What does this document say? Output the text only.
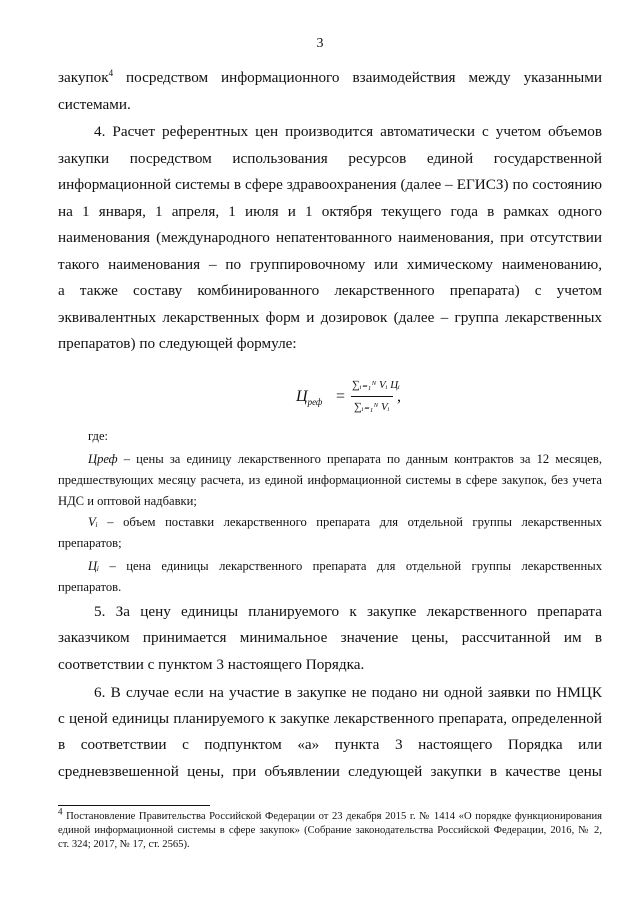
3
закупок$^4$ посредством информационного взаимодействия между указанными
системами.
4. Расчет референтных цен производится автоматически с учетом объемов
закупки посредством использования ресурсов единой государственной
информационной системы в сфере здравоохранения (далее – ЕГИСЗ) по состоянию
на 1 января, 1 апреля, 1 июля и 1 октября текущего года в рамках одного
наименования (международного непатентованного наименования, при отсутствии
такого наименования – по группировочному или химическому наименованию,
а также составу комбинированного лекарственного препарата) с учетом
эквивалентных лекарственных форм и дозировок (далее – группа лекарственных
препаратов) по следующей формуле:
$Ц_{реф}$ =
∑ᵢ₌₁ᴺ Vᵢ Цᵢ
∑ᵢ₌₁ᴺ Vᵢ
,
где:
Цреф – цены за единицу лекарственного препарата по данным контрактов за 12 месяцев,
предшествующих месяцу расчета, из единой информационной системы в сфере закупок, без учета
НДС и оптовой надбавки;
Vᵢ – объем поставки лекарственного препарата для отдельной группы лекарственных
препаратов;
Цᵢ – цена единицы лекарственного препарата для отдельной группы лекарственных
препаратов.
5. За цену единицы планируемого к закупке лекарственного препарата
заказчиком принимается минимальное значение цены, рассчитанной им в
соответствии с пунктом 3 настоящего Порядка.
6. В случае если на участие в закупке не подано ни одной заявки по НМЦК
с ценой единицы планируемого к закупке лекарственного препарата, определенной
в соответствии с подпунктом «а» пункта 3 настоящего Порядка или
средневзвешенной цены, при объявлении следующей закупки в качестве цены
$^4$ Постановление Правительства Российской Федерации от 23 декабря 2015 г. № 1414 «О порядке функционирования
единой информационной системы в сфере закупок» (Собрание законодательства Российской Федерации, 2016, № 2,
ст. 324; 2017, № 17, ст. 2565).
